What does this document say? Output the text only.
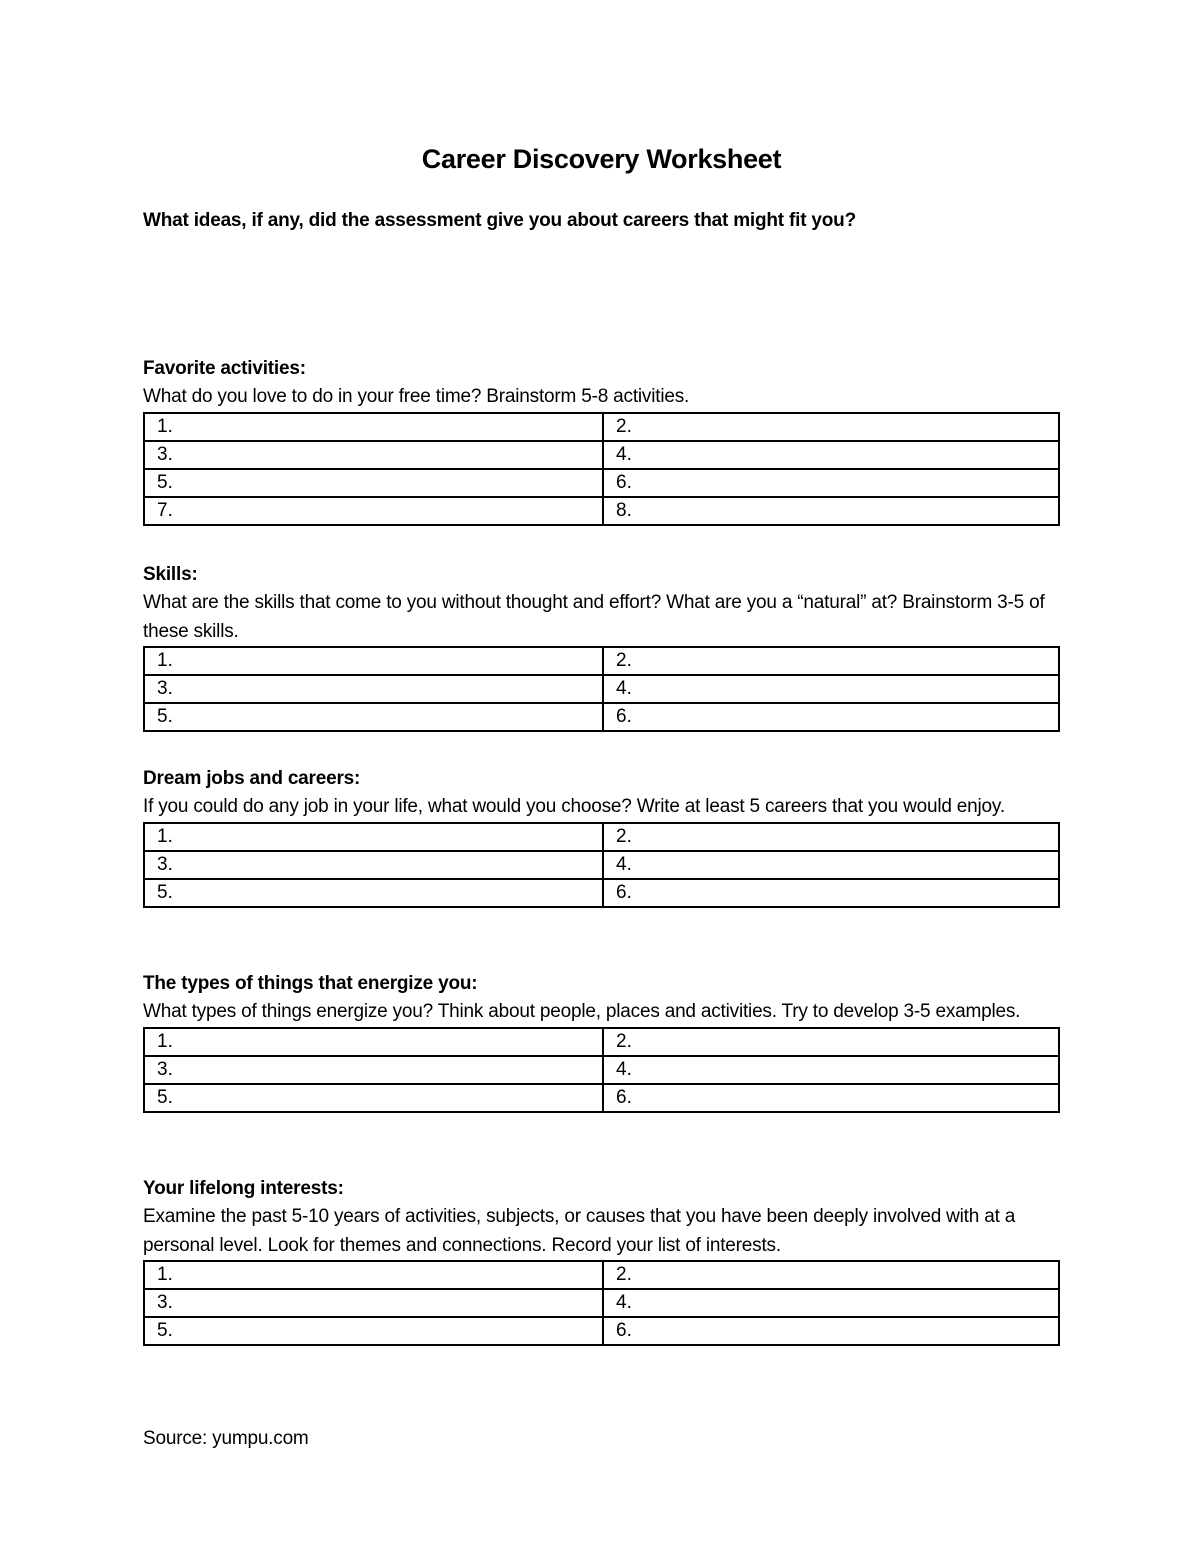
Career Discovery Worksheet
What ideas, if any, did the assessment give you about careers that might fit you?
Favorite activities:
What do you love to do in your free time? Brainstorm 5-8 activities.
1.	2.
3.	4.
5.	6.
7.	8.
Skills:
What are the skills that come to you without thought and effort? What are you a “natural” at? Brainstorm 3-5 of these skills.
1.	2.
3.	4.
5.	6.
Dream jobs and careers:
If you could do any job in your life, what would you choose? Write at least 5 careers that you would enjoy.
1.	2.
3.	4.
5.	6.
The types of things that energize you:
What types of things energize you? Think about people, places and activities. Try to develop 3-5 examples.
1.	2.
3.	4.
5.	6.
Your lifelong interests:
Examine the past 5-10 years of activities, subjects, or causes that you have been deeply involved with at a personal level. Look for themes and connections. Record your list of interests.
1.	2.
3.	4.
5.	6.
Source: yumpu.com
